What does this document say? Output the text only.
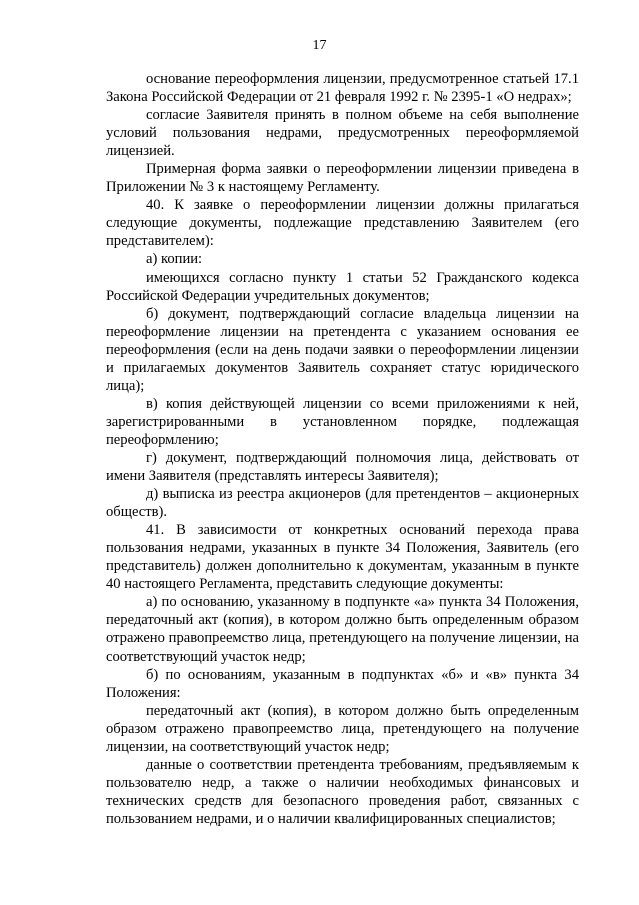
17

основание переоформления лицензии, предусмотренное статьей 17.1 Закона Российской Федерации от 21 февраля 1992 г. № 2395-1 «О недрах»;

согласие Заявителя принять в полном объеме на себя выполнение условий пользования недрами, предусмотренных переоформляемой лицензией.

Примерная форма заявки о переоформлении лицензии приведена в Приложении № 3 к настоящему Регламенту.

40. К заявке о переоформлении лицензии должны прилагаться следующие документы, подлежащие представлению Заявителем (его представителем):

а) копии:

имеющихся согласно пункту 1 статьи 52 Гражданского кодекса Российской Федерации учредительных документов;

б) документ, подтверждающий согласие владельца лицензии на переоформление лицензии на претендента с указанием основания ее переоформления (если на день подачи заявки о переоформлении лицензии и прилагаемых документов Заявитель сохраняет статус юридического лица);

в) копия действующей лицензии со всеми приложениями к ней, зарегистрированными в установленном порядке, подлежащая переоформлению;

г) документ, подтверждающий полномочия лица, действовать от имени Заявителя (представлять интересы Заявителя);

д) выписка из реестра акционеров (для претендентов – акционерных обществ).

41. В зависимости от конкретных оснований перехода права пользования недрами, указанных в пункте 34 Положения, Заявитель (его представитель) должен дополнительно к документам, указанным в пункте 40 настоящего Регламента, представить следующие документы:

а) по основанию, указанному в подпункте «а» пункта 34 Положения, передаточный акт (копия), в котором должно быть определенным образом отражено правопреемство лица, претендующего на получение лицензии, на соответствующий участок недр;

б) по основаниям, указанным в подпунктах «б» и «в» пункта 34 Положения:

передаточный акт (копия), в котором должно быть определенным образом отражено правопреемство лица, претендующего на получение лицензии, на соответствующий участок недр;

данные о соответствии претендента требованиям, предъявляемым к пользователю недр, а также о наличии необходимых финансовых и технических средств для безопасного проведения работ, связанных с пользованием недрами, и о наличии квалифицированных специалистов;
